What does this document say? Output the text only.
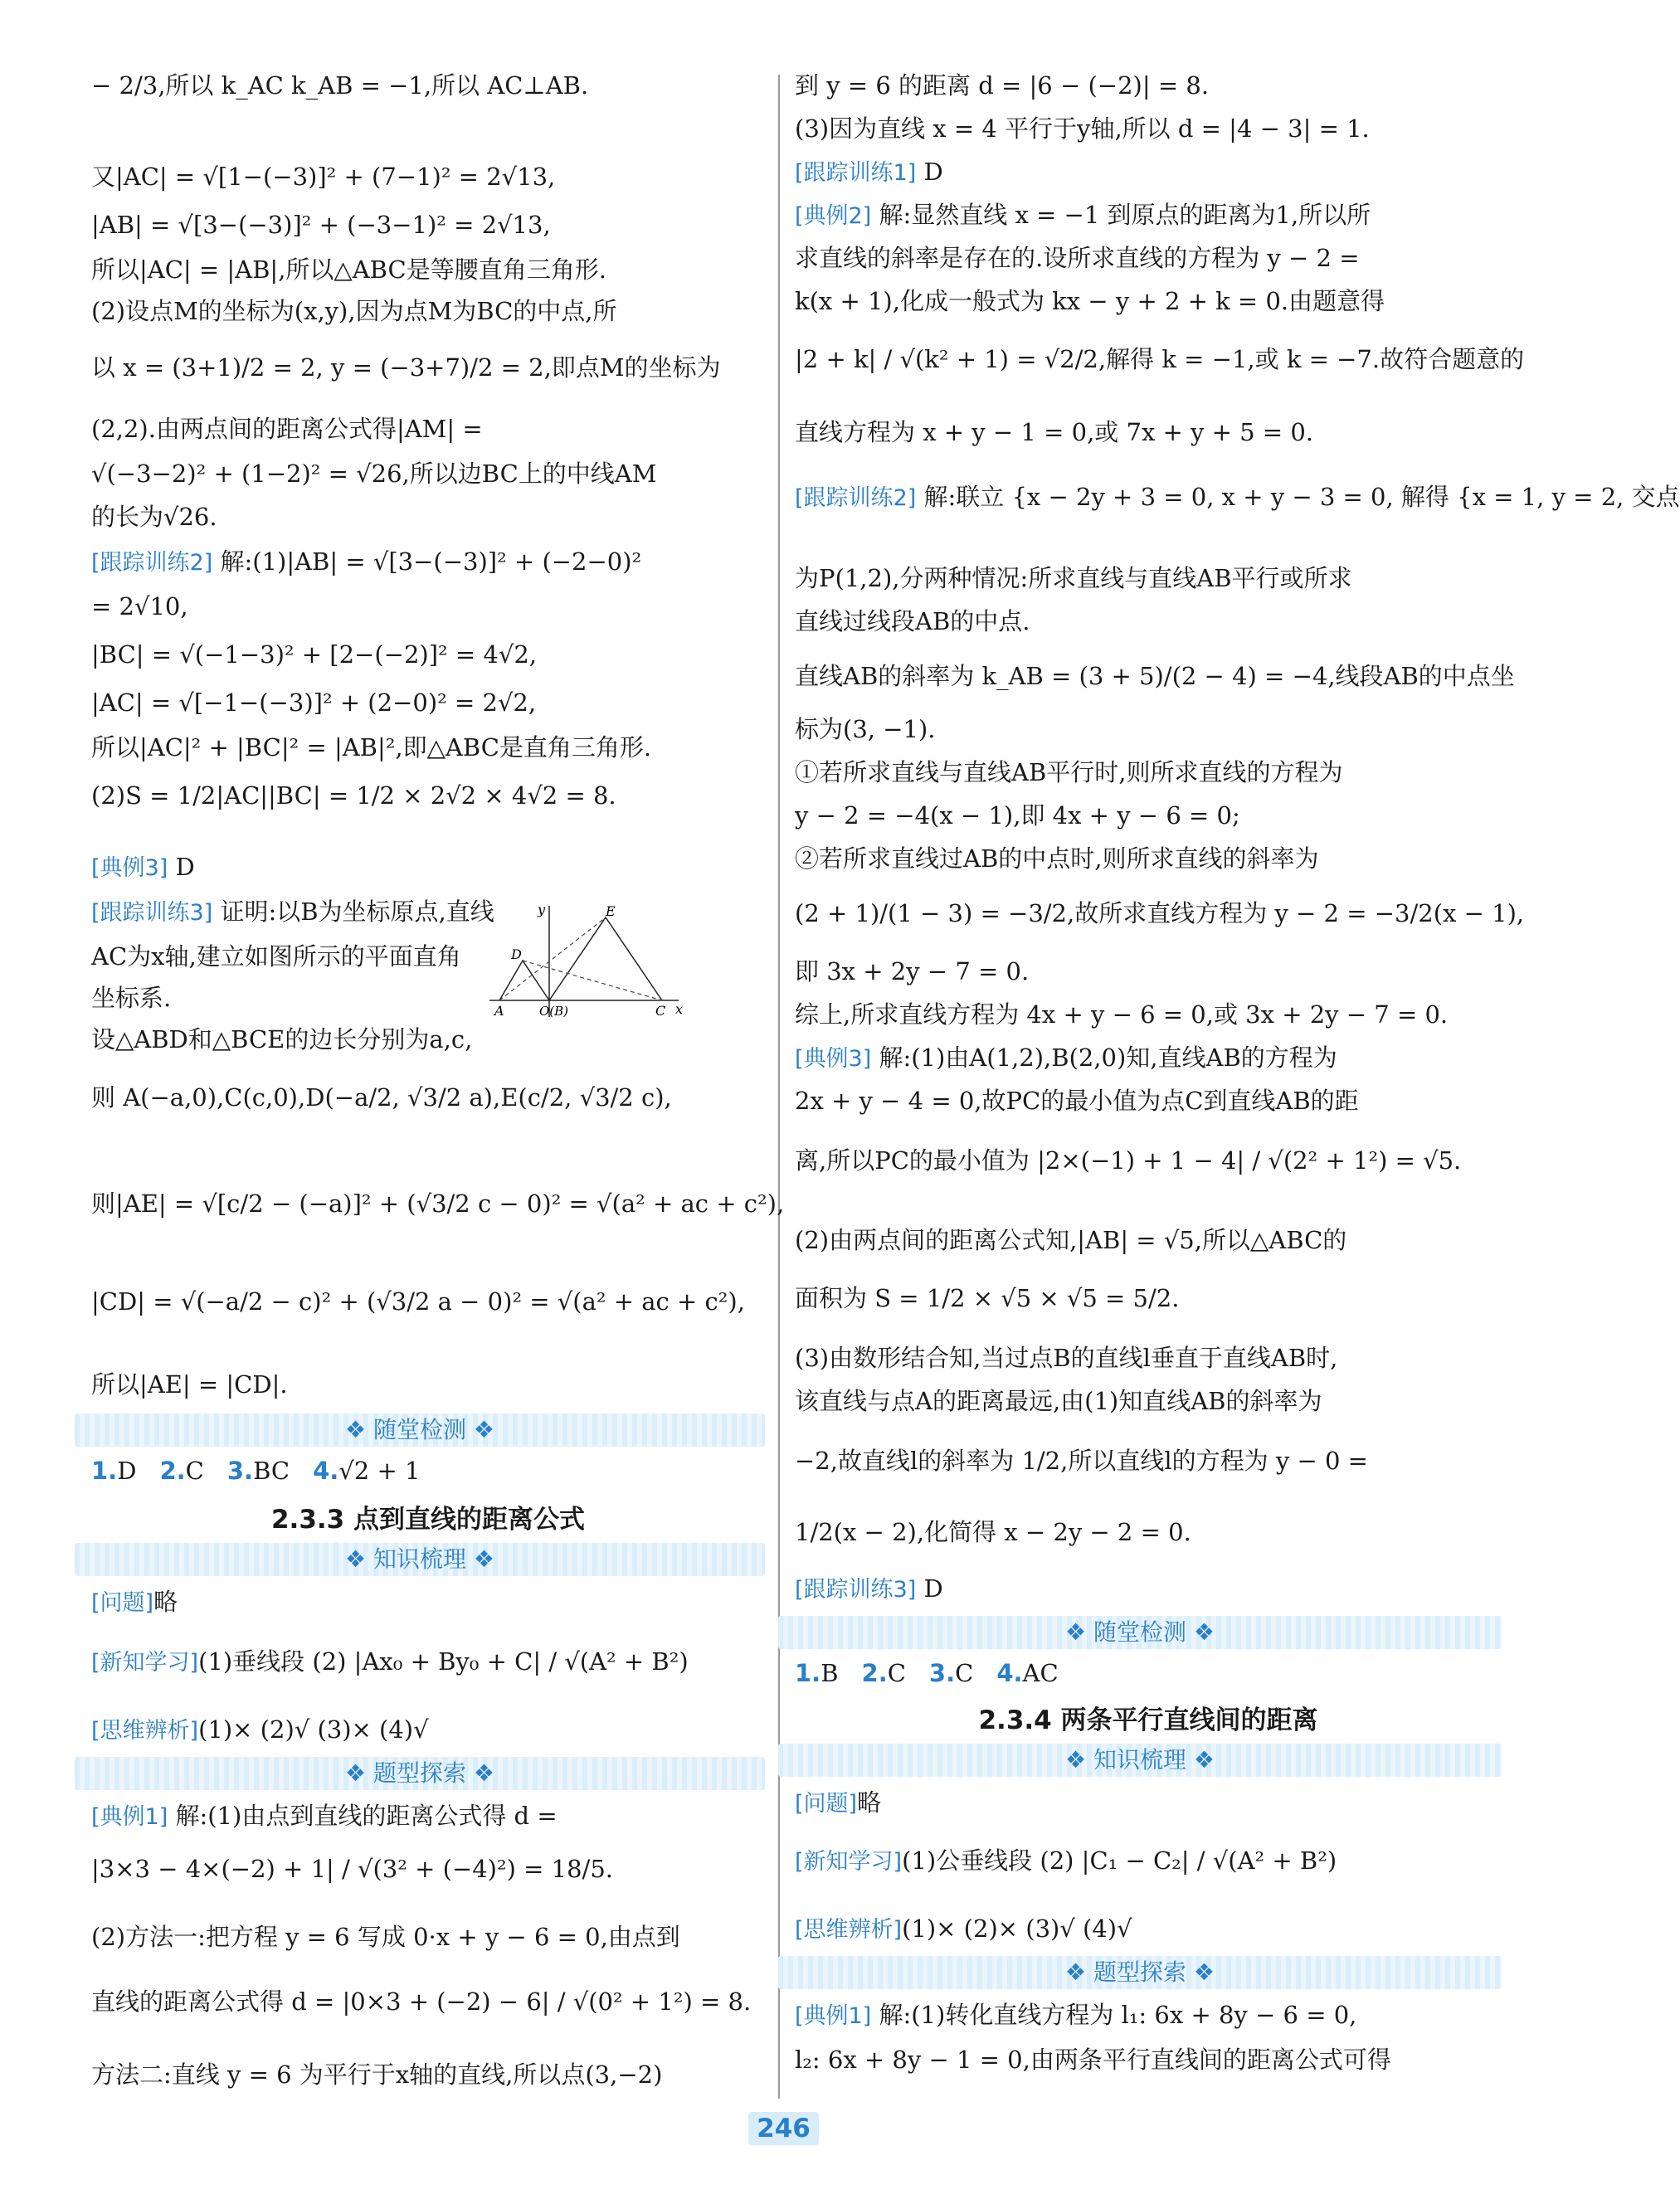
− 2/3,所以 k_AC k_AB = −1,所以 AC⊥AB.
又|AC| = √[1−(−3)]² + (7−1)² = 2√13,
|AB| = √[3−(−3)]² + (−3−1)² = 2√13,
所以|AC| = |AB|,所以△ABC是等腰直角三角形.
(2)设点M的坐标为(x,y),因为点M为BC的中点,所
以 x = (3+1)/2 = 2, y = (−3+7)/2 = 2,即点M的坐标为
(2,2).由两点间的距离公式得|AM| =
√(−3−2)² + (1−2)² = √26,所以边BC上的中线AM
的长为√26.
[跟踪训练2] 解:(1)|AB| = √[3−(−3)]² + (−2−0)²
= 2√10,
|BC| = √(−1−3)² + [2−(−2)]² = 4√2,
|AC| = √[−1−(−3)]² + (2−0)² = 2√2,
所以|AC|² + |BC|² = |AB|²,即△ABC是直角三角形.
(2)S = 1/2|AC||BC| = 1/2 × 2√2 × 4√2 = 8.
[典例3] D
[跟踪训练3] 证明:以B为坐标原点,直线
AC为x轴,建立如图所示的平面直角
坐标系.
设△ABD和△BCE的边长分别为a,c,
则 A(−a,0),C(c,0),D(−a/2, √3/2 a),E(c/2, √3/2 c),
则|AE| = √[c/2 − (−a)]² + (√3/2 c − 0)² = √(a² + ac + c²),
|CD| = √(−a/2 − c)² + (√3/2 a − 0)² = √(a² + ac + c²),
所以|AE| = |CD|.
❖ 随堂检测 ❖
1.D 2.C 3.BC 4.√2 + 1
2.3.3 点到直线的距离公式
❖ 知识梳理 ❖
[问题]略
[新知学习](1)垂线段 (2) |Ax₀ + By₀ + C| / √(A² + B²)
[思维辨析](1)× (2)√ (3)× (4)√
❖ 题型探索 ❖
[典例1] 解:(1)由点到直线的距离公式得 d =
|3×3 − 4×(−2) + 1| / √(3² + (−4)²) = 18/5.
(2)方法一:把方程 y = 6 写成 0·x + y − 6 = 0,由点到
直线的距离公式得 d = |0×3 + (−2) − 6| / √(0² + 1²) = 8.
方法二:直线 y = 6 为平行于x轴的直线,所以点(3,−2)
到 y = 6 的距离 d = |6 − (−2)| = 8.
(3)因为直线 x = 4 平行于y轴,所以 d = |4 − 3| = 1.
[跟踪训练1] D
[典例2] 解:显然直线 x = −1 到原点的距离为1,所以所
求直线的斜率是存在的.设所求直线的方程为 y − 2 =
k(x + 1),化成一般式为 kx − y + 2 + k = 0.由题意得
|2 + k| / √(k² + 1) = √2/2,解得 k = −1,或 k = −7.故符合题意的
直线方程为 x + y − 1 = 0,或 7x + y + 5 = 0.
[跟踪训练2] 解:联立 {x − 2y + 3 = 0, x + y − 3 = 0, 解得 {x = 1, y = 2, 交点
为P(1,2),分两种情况:所求直线与直线AB平行或所求
直线过线段AB的中点.
直线AB的斜率为 k_AB = (3 + 5)/(2 − 4) = −4,线段AB的中点坐
标为(3, −1).
①若所求直线与直线AB平行时,则所求直线的方程为
y − 2 = −4(x − 1),即 4x + y − 6 = 0;
②若所求直线过AB的中点时,则所求直线的斜率为
(2 + 1)/(1 − 3) = −3/2,故所求直线方程为 y − 2 = −3/2(x − 1),
即 3x + 2y − 7 = 0.
综上,所求直线方程为 4x + y − 6 = 0,或 3x + 2y − 7 = 0.
[典例3] 解:(1)由A(1,2),B(2,0)知,直线AB的方程为
2x + y − 4 = 0,故PC的最小值为点C到直线AB的距
离,所以PC的最小值为 |2×(−1) + 1 − 4| / √(2² + 1²) = √5.
(2)由两点间的距离公式知,|AB| = √5,所以△ABC的
面积为 S = 1/2 × √5 × √5 = 5/2.
(3)由数形结合知,当过点B的直线l垂直于直线AB时,
该直线与点A的距离最远,由(1)知直线AB的斜率为
−2,故直线l的斜率为 1/2,所以直线l的方程为 y − 0 =
1/2(x − 2),化简得 x − 2y − 2 = 0.
[跟踪训练3] D
❖ 随堂检测 ❖
1.B 2.C 3.C 4.AC
2.3.4 两条平行直线间的距离
❖ 知识梳理 ❖
[问题]略
[新知学习](1)公垂线段 (2) |C₁ − C₂| / √(A² + B²)
[思维辨析](1)× (2)× (3)√ (4)√
❖ 题型探索 ❖
[典例1] 解:(1)转化直线方程为 l₁: 6x + 8y − 6 = 0,
l₂: 6x + 8y − 1 = 0,由两条平行直线间的距离公式可得
y	E
D
A	O(B)	C x
246
